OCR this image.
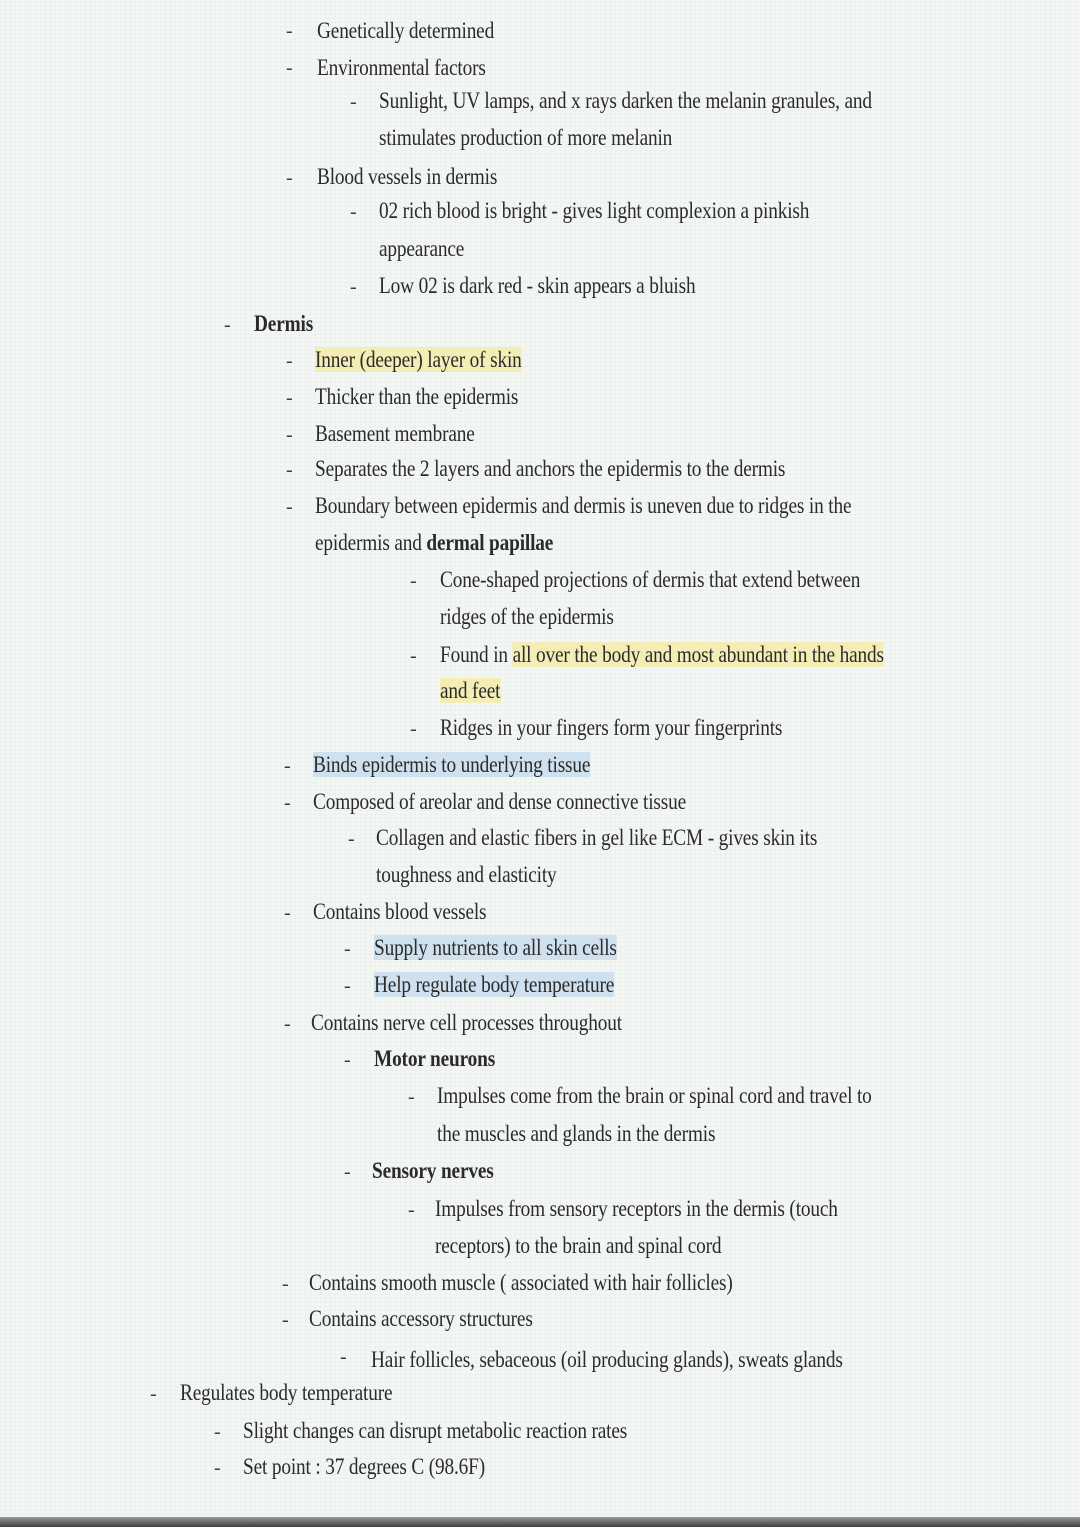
-
-
-
-
-
-
-
-
-
-
-
-
-
-
-
-
-
-
-
-
-
-
-
-
-
-
-
-
-
-
-
-
Genetically determined
Environmental factors
Sunlight, UV lamps, and x rays darken the melanin granules, and
stimulates production of more melanin
Blood vessels in dermis
02 rich blood is bright - gives light complexion a pinkish
appearance
Low 02 is dark red - skin appears a bluish
Dermis
Inner (deeper) layer of skin
Thicker than the epidermis
Basement membrane
Separates the 2 layers and anchors the epidermis to the dermis
Boundary between epidermis and dermis is uneven due to ridges in the
epidermis and dermal papillae
Cone-shaped projections of dermis that extend between
ridges of the epidermis
Found in all over the body and most abundant in the hands
and feet
Ridges in your fingers form your fingerprints
Binds epidermis to underlying tissue
Composed of areolar and dense connective tissue
Collagen and elastic fibers in gel like ECM - gives skin its
toughness and elasticity
Contains blood vessels
Supply nutrients to all skin cells
Help regulate body temperature
Contains nerve cell processes throughout
Motor neurons
Impulses come from the brain or spinal cord and travel to
the muscles and glands in the dermis
Sensory nerves
Impulses from sensory receptors in the dermis (touch
receptors) to the brain and spinal cord
Contains smooth muscle ( associated with hair follicles)
Contains accessory structures
Hair follicles, sebaceous (oil producing glands), sweats glands
Regulates body temperature
Slight changes can disrupt metabolic reaction rates
Set point : 37 degrees C (98.6F)
